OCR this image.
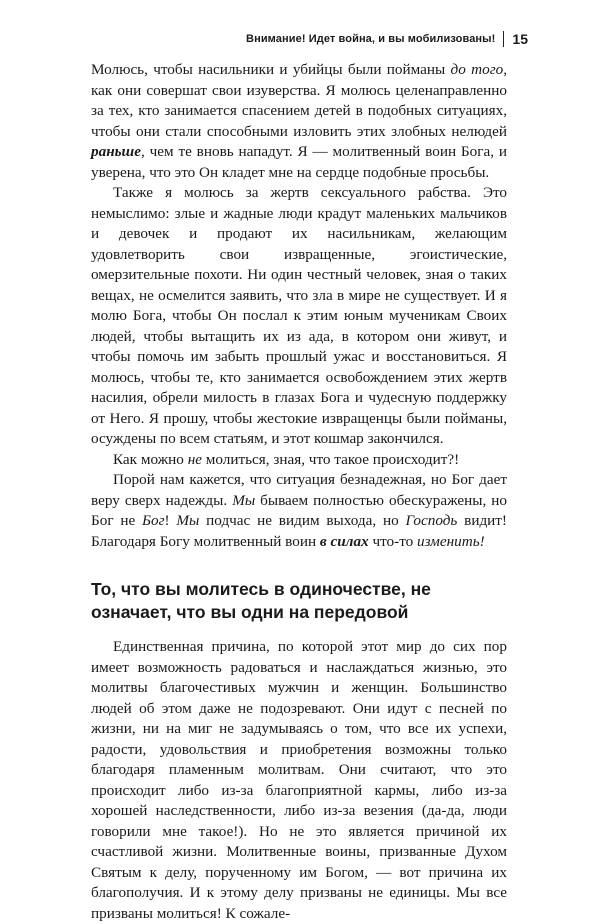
Внимание! Идет война, и вы мобилизованы! 15

Молюсь, чтобы насильники и убийцы были пойманы до того, как они совершат свои изуверства. Я молюсь целенаправленно за тех, кто занимается спасением детей в подобных ситуациях, чтобы они стали способными изловить этих злобных нелюдей раньше, чем те вновь нападут. Я — молитвенный воин Бога, и уверена, что это Он кладет мне на сердце подобные просьбы.

Также я молюсь за жертв сексуального рабства. Это немыслимо: злые и жадные люди крадут маленьких мальчиков и девочек и продают их насильникам, желающим удовлетворить свои извращенные, эгоистические, омерзительные похоти. Ни один честный человек, зная о таких вещах, не осмелится заявить, что зла в мире не существует. И я молю Бога, чтобы Он послал к этим юным мученикам Своих людей, чтобы вытащить их из ада, в котором они живут, и чтобы помочь им забыть прошлый ужас и восстановиться. Я молюсь, чтобы те, кто занимается освобождением этих жертв насилия, обрели милость в глазах Бога и чудесную поддержку от Него. Я прошу, чтобы жестокие извращенцы были пойманы, осуждены по всем статьям, и этот кошмар закончился.

Как можно не молиться, зная, что такое происходит?!

Порой нам кажется, что ситуация безнадежная, но Бог дает веру сверх надежды. Мы бываем полностью обескуражены, но Бог не Бог! Мы подчас не видим выхода, но Господь видит! Благодаря Богу молитвенный воин в силах что-то изменить!

То, что вы молитесь в одиночестве, не означает, что вы одни на передовой

Единственная причина, по которой этот мир до сих пор имеет возможность радоваться и наслаждаться жизнью, это молитвы благочестивых мужчин и женщин. Большинство людей об этом даже не подозревают. Они идут с песней по жизни, ни на миг не задумываясь о том, что все их успехи, радости, удовольствия и приобретения возможны только благодаря пламенным молитвам. Они считают, что это происходит либо из-за благоприятной кармы, либо из-за хорошей наследственности, либо из-за везения (да-да, люди говорили мне такое!). Но не это является причиной их счастливой жизни. Молитвенные воины, призванные Духом Святым к делу, порученному им Богом, — вот причина их благополучия. И к этому делу призваны не единицы. Мы все призваны молиться! К сожале-
